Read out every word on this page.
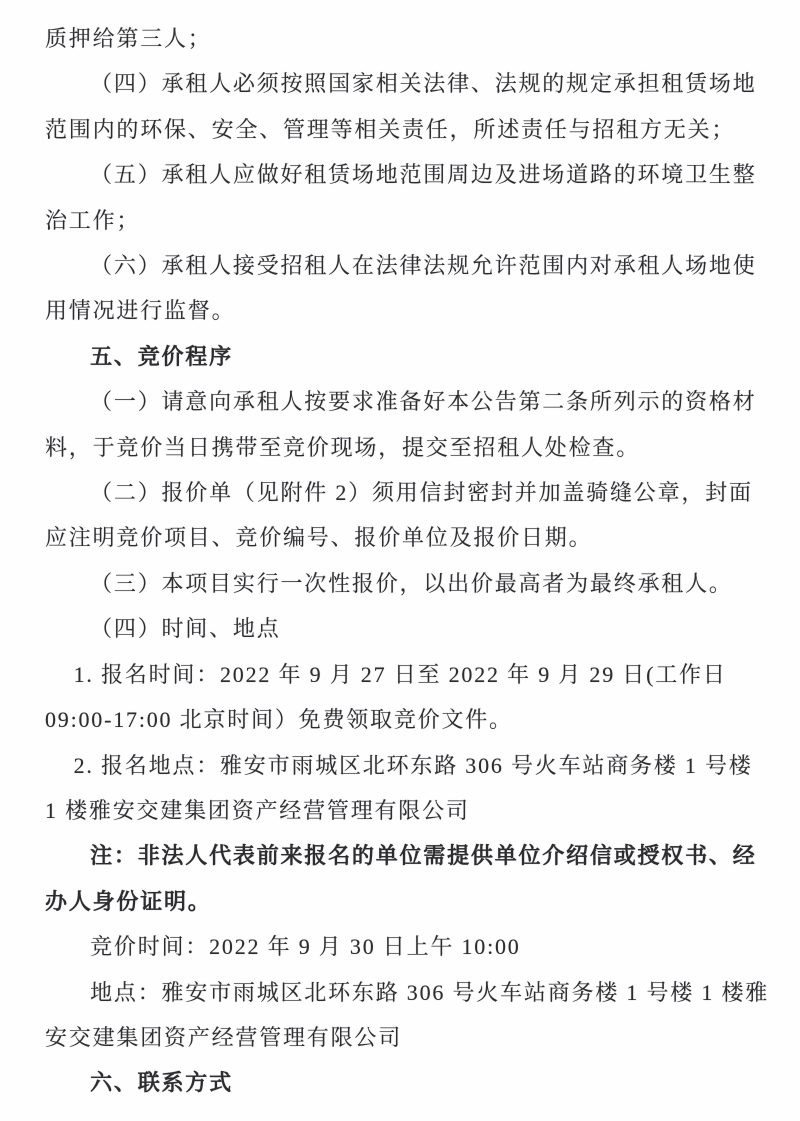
质押给第三人；

（四）承租人必须按照国家相关法律、法规的规定承担租赁场地

范围内的环保、安全、管理等相关责任，所述责任与招租方无关；

（五）承租人应做好租赁场地范围周边及进场道路的环境卫生整

治工作；

（六）承租人接受招租人在法律法规允许范围内对承租人场地使

用情况进行监督。

五、竞价程序

（一）请意向承租人按要求准备好本公告第二条所列示的资格材

料，于竞价当日携带至竞价现场，提交至招租人处检查。

（二）报价单（见附件 2）须用信封密封并加盖骑缝公章，封面

应注明竞价项目、竞价编号、报价单位及报价日期。

（三）本项目实行一次性报价，以出价最高者为最终承租人。

（四）时间、地点

1. 报名时间：2022 年 9 月 27 日至 2022 年 9 月 29 日(工作日

09:00-17:00 北京时间）免费领取竞价文件。

2. 报名地点：雅安市雨城区北环东路 306 号火车站商务楼 1 号楼

1 楼雅安交建集团资产经营管理有限公司

注：非法人代表前来报名的单位需提供单位介绍信或授权书、经

办人身份证明。

竞价时间：2022 年 9 月 30 日上午 10:00

地点：雅安市雨城区北环东路 306 号火车站商务楼 1 号楼 1 楼雅

安交建集团资产经营管理有限公司

六、联系方式
